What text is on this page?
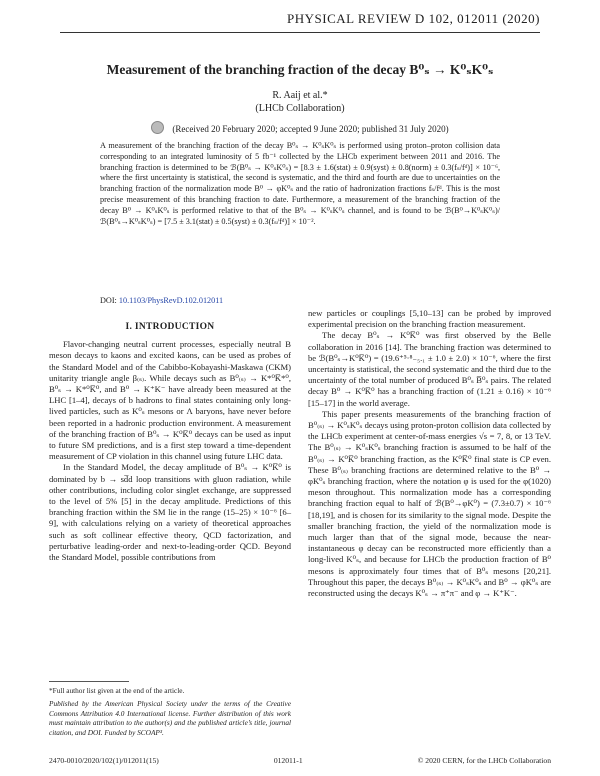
PHYSICAL REVIEW D 102, 012011 (2020)
Measurement of the branching fraction of the decay B⁰ₛ → K⁰ₛK⁰ₛ
R. Aaij et al.*
(LHCb Collaboration)
(Received 20 February 2020; accepted 9 June 2020; published 31 July 2020)
A measurement of the branching fraction of the decay B⁰ₛ → K⁰ₛK⁰ₛ is performed using proton–proton collision data corresponding to an integrated luminosity of 5 fb⁻¹ collected by the LHCb experiment between 2011 and 2016. The branching fraction is determined to be ℬ(B⁰ₛ → K⁰ₛK⁰ₛ) = [8.3 ± 1.6(stat) ± 0.9(syst) ± 0.8(norm) ± 0.3(fₛ/fᵈ)] × 10⁻⁶, where the first uncertainty is statistical, the second is systematic, and the third and fourth are due to uncertainties on the branching fraction of the normalization mode B⁰ → φK⁰ₛ and the ratio of hadronization fractions fₛ/fᵈ. This is the most precise measurement of this branching fraction to date. Furthermore, a measurement of the branching fraction of the decay B⁰ → K⁰ₛK⁰ₛ is performed relative to that of the B⁰ₛ → K⁰ₛK⁰ₛ channel, and is found to be ℬ(B⁰→K⁰ₛK⁰ₛ)/ℬ(B⁰ₛ→K⁰ₛK⁰ₛ) = [7.5 ± 3.1(stat) ± 0.5(syst) ± 0.3(fₛ/fᵈ)] × 10⁻².
DOI: 10.1103/PhysRevD.102.012011
I. INTRODUCTION

Flavor-changing neutral current processes, especially neutral B meson decays to kaons and excited kaons, can be used as probes of the Standard Model and of the Cabibbo-Kobayashi-Maskawa (CKM) unitarity triangle angle β₍ₛ₎. While decays such as B⁰₍ₛ₎ → K*⁰K̅*⁰, B⁰ₛ → K*⁰K̅⁰, and B⁰ → K⁺K⁻ have already been measured at the LHC [1–4], decays of b hadrons to final states containing only long-lived particles, such as K⁰ₛ mesons or Λ baryons, have never before been reported in a hadronic production environment. A measurement of the branching fraction of B⁰ₛ → K⁰K̅⁰ decays can be used as input to future SM predictions, and is a first step toward a time-dependent measurement of CP violation in this channel using future LHC data.

In the Standard Model, the decay amplitude of B⁰ₛ → K⁰K̅⁰ is dominated by b → sd̅d loop transitions with gluon radiation, while other contributions, including color singlet exchange, are suppressed to the level of 5% [5] in the decay amplitude. Predictions of this branching fraction within the SM lie in the range (15–25) × 10⁻⁶ [6–9], with calculations relying on a variety of theoretical approaches such as soft collinear effective theory, QCD factorization, and perturbative leading-order and next-to-leading-order QCD. Beyond the Standard Model, possible contributions from

new particles or couplings [5,10–13] can be probed by improved experimental precision on the branching fraction measurement.

The decay B⁰ₛ → K⁰K̅⁰ was first observed by the Belle collaboration in 2016 [14]. The branching fraction was determined to be ℬ(B⁰ₛ→K⁰K̅⁰) = (19.6⁺⁵·⁸₋₅.₁ ± 1.0 ± 2.0) × 10⁻⁶, where the first uncertainty is statistical, the second systematic and the third due to the uncertainty of the total number of produced B⁰ₛ B̅⁰ₛ pairs. The related decay B⁰ → K⁰K̅⁰ has a branching fraction of (1.21 ± 0.16) × 10⁻⁶ [15–17] in the world average.

This paper presents measurements of the branching fraction of B⁰₍ₛ₎ → K⁰ₛK⁰ₛ decays using proton-proton collision data collected by the LHCb experiment at center-of-mass energies √s = 7, 8, or 13 TeV. The B⁰₍ₛ₎ → K⁰ₛK⁰ₛ branching fraction is assumed to be half of the B⁰₍ₛ₎ → K⁰K̅⁰ branching fraction, as the K⁰K̅⁰ final state is CP even. These B⁰₍ₛ₎ branching fractions are determined relative to the B⁰ → φK⁰ₛ branching fraction, where the notation φ is used for the φ(1020) meson throughout. This normalization mode has a corresponding branching fraction equal to half of ℬ(B⁰→φK⁰) = (7.3±0.7) × 10⁻⁶ [18,19], and is chosen for its similarity to the signal mode. Despite the smaller branching fraction, the yield of the normalization mode is much larger than that of the signal mode, because the near-instantaneous φ decay can be reconstructed more efficiently than a long-lived K⁰ₛ, and because for LHCb the production fraction of B⁰ mesons is approximately four times that of B⁰ₛ mesons [20,21]. Throughout this paper, the decays B⁰₍ₛ₎ → K⁰ₛK⁰ₛ and B⁰ → φK⁰ₛ are reconstructed using the decays K⁰ₛ → π⁺π⁻ and φ → K⁺K⁻.

*Full author list given at the end of the article.
Published by the American Physical Society under the terms of the Creative Commons Attribution 4.0 International license. Further distribution of this work must maintain attribution to the author(s) and the published article’s title, journal citation, and DOI. Funded by SCOAP³.
2470-0010/2020/102(1)/012011(15)	012011-1	© 2020 CERN, for the LHCb Collaboration
